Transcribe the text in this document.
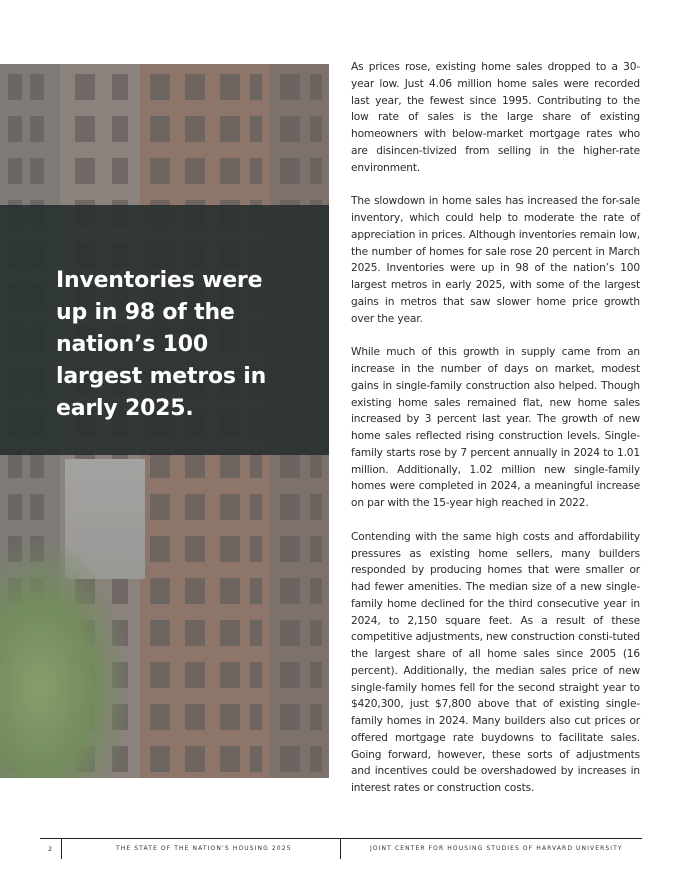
Inventories were up in 98 of the nation’s 100 largest metros in early 2025.

As prices rose, existing home sales dropped to a 30-year low. Just 4.06 million home sales were recorded last year, the fewest since 1995. Contributing to the low rate of sales is the large share of existing homeowners with below-market mortgage rates who are disincen-tivized from selling in the higher-rate environment.

The slowdown in home sales has increased the for-sale inventory, which could help to moderate the rate of appreciation in prices. Although inventories remain low, the number of homes for sale rose 20 percent in March 2025. Inventories were up in 98 of the nation’s 100 largest metros in early 2025, with some of the largest gains in metros that saw slower home price growth over the year.

While much of this growth in supply came from an increase in the number of days on market, modest gains in single-family construction also helped. Though existing home sales remained flat, new home sales increased by 3 percent last year. The growth of new home sales reflected rising construction levels. Single-family starts rose by 7 percent annually in 2024 to 1.01 million. Additionally, 1.02 million new single-family homes were completed in 2024, a meaningful increase on par with the 15-year high reached in 2022.

Contending with the same high costs and affordability pressures as existing home sellers, many builders responded by producing homes that were smaller or had fewer amenities. The median size of a new single-family home declined for the third consecutive year in 2024, to 2,150 square feet. As a result of these competitive adjustments, new construction consti-tuted the largest share of all home sales since 2005 (16 percent). Additionally, the median sales price of new single-family homes fell for the second straight year to $420,300, just $7,800 above that of existing single-family homes in 2024. Many builders also cut prices or offered mortgage rate buydowns to facilitate sales. Going forward, however, these sorts of adjustments and incentives could be overshadowed by increases in interest rates or construction costs.

2	THE STATE OF THE NATION’S HOUSING 2025	JOINT CENTER FOR HOUSING STUDIES OF HARVARD UNIVERSITY
